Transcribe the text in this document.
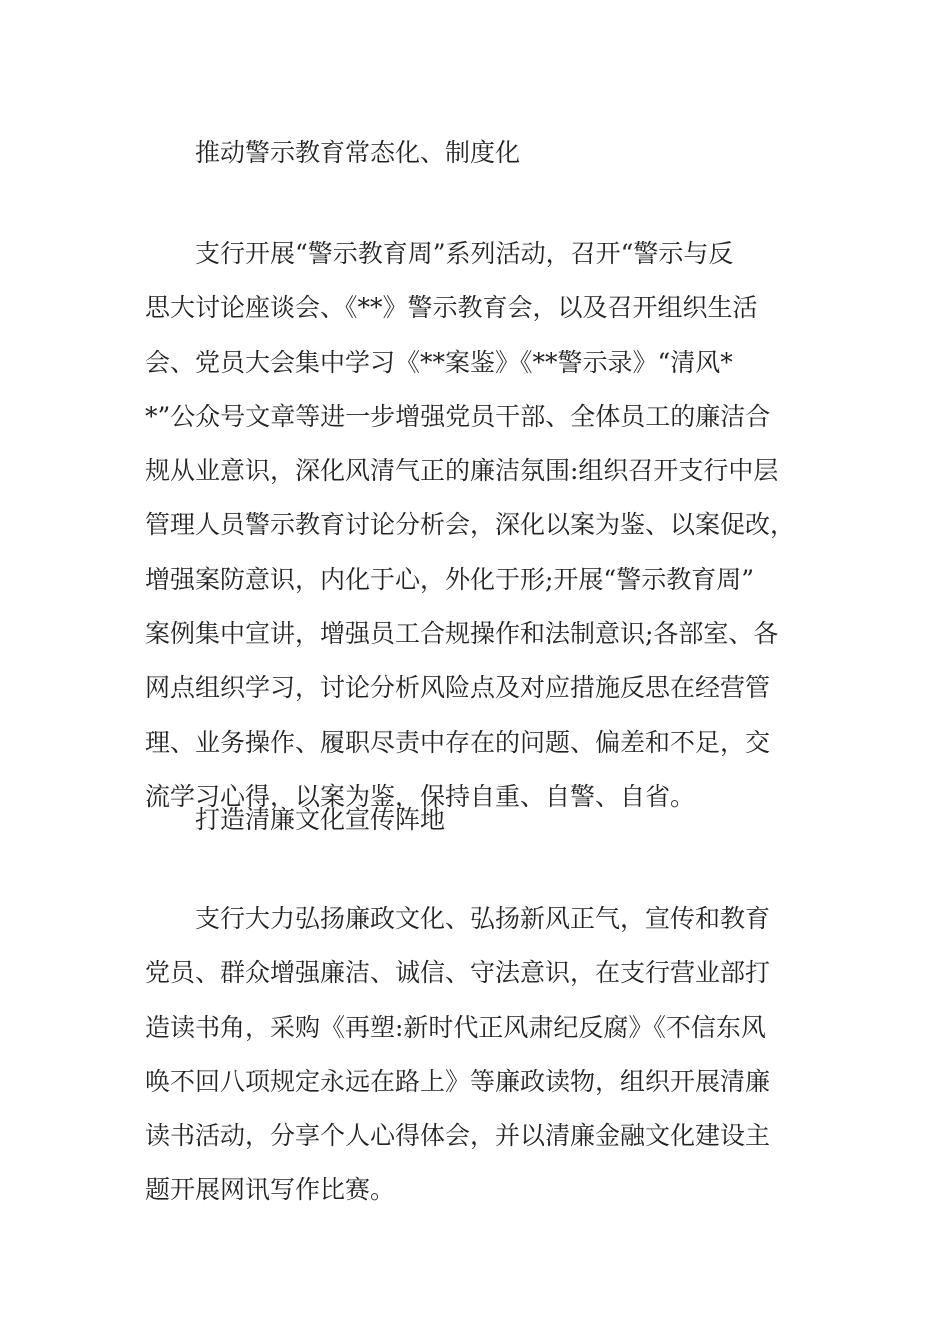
推动警示教育常态化、制度化
支行开展“警示教育周”系列活动，召开“警示与反
思大讨论座谈会、《**》警示教育会，以及召开组织生活
会、党员大会集中学习《**案鉴》《**警示录》“清风*
*”公众号文章等进一步增强党员干部、全体员工的廉洁合
规从业意识，深化风清气正的廉洁氛围:组织召开支行中层
管理人员警示教育讨论分析会，深化以案为鉴、以案促改，
增强案防意识，内化于心，外化于形;开展“警示教育周”
案例集中宣讲，增强员工合规操作和法制意识;各部室、各
网点组织学习，讨论分析风险点及对应措施反思在经营管
理、业务操作、履职尽责中存在的问题、偏差和不足，交
流学习心得，以案为鉴，保持自重、自警、自省。
打造清廉文化宣传阵地
支行大力弘扬廉政文化、弘扬新风正气，宣传和教育
党员、群众增强廉洁、诚信、守法意识，在支行营业部打
造读书角，采购《再塑:新时代正风肃纪反腐》《不信东风
唤不回八项规定永远在路上》等廉政读物，组织开展清廉
读书活动，分享个人心得体会，并以清廉金融文化建设主
题开展网讯写作比赛。
